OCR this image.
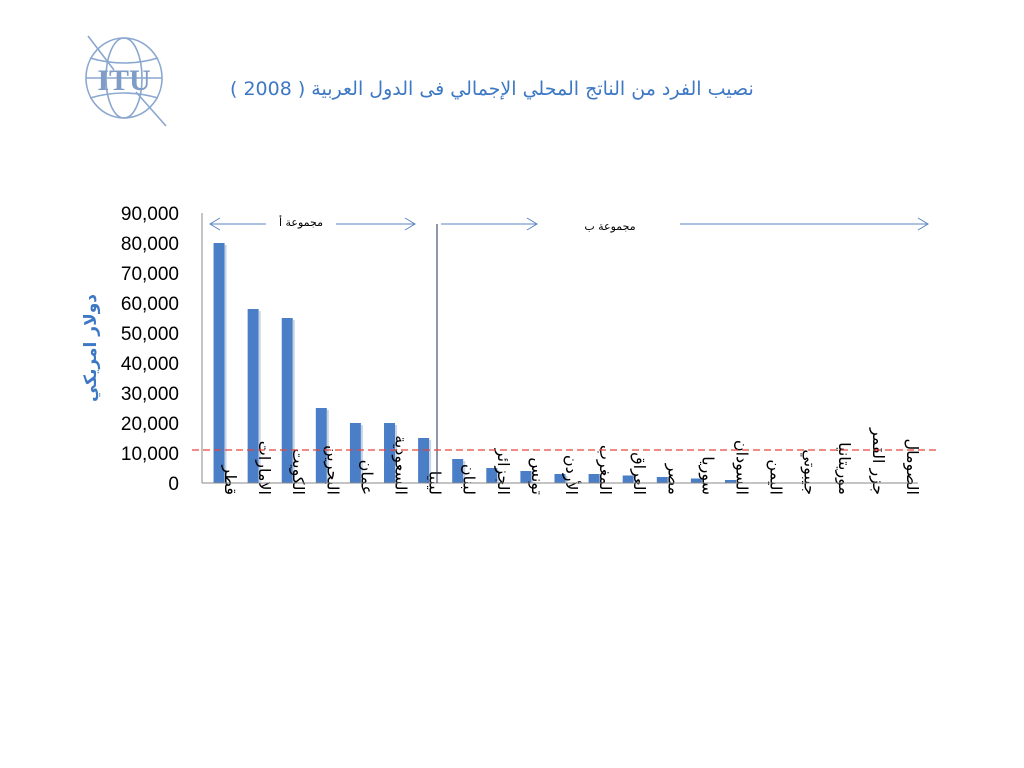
ITU	نصيب الفرد من الناتج المحلي الإجمالي فى الدول العربية ( 2008 )
90,000
80,000
70,000
60,000
50,000
40,000
30,000
20,000
10,000
0	قطر الامارات الكويت البحرين عمان السعودية ليبيا لبنان الجزائر تونس الأردن المغرب العراق مصر سوريا السودان اليمن جيبوتي موريتانيا جزر القمر الصومال
دولار امريكي
مجموعة أ	مجموعة ب
